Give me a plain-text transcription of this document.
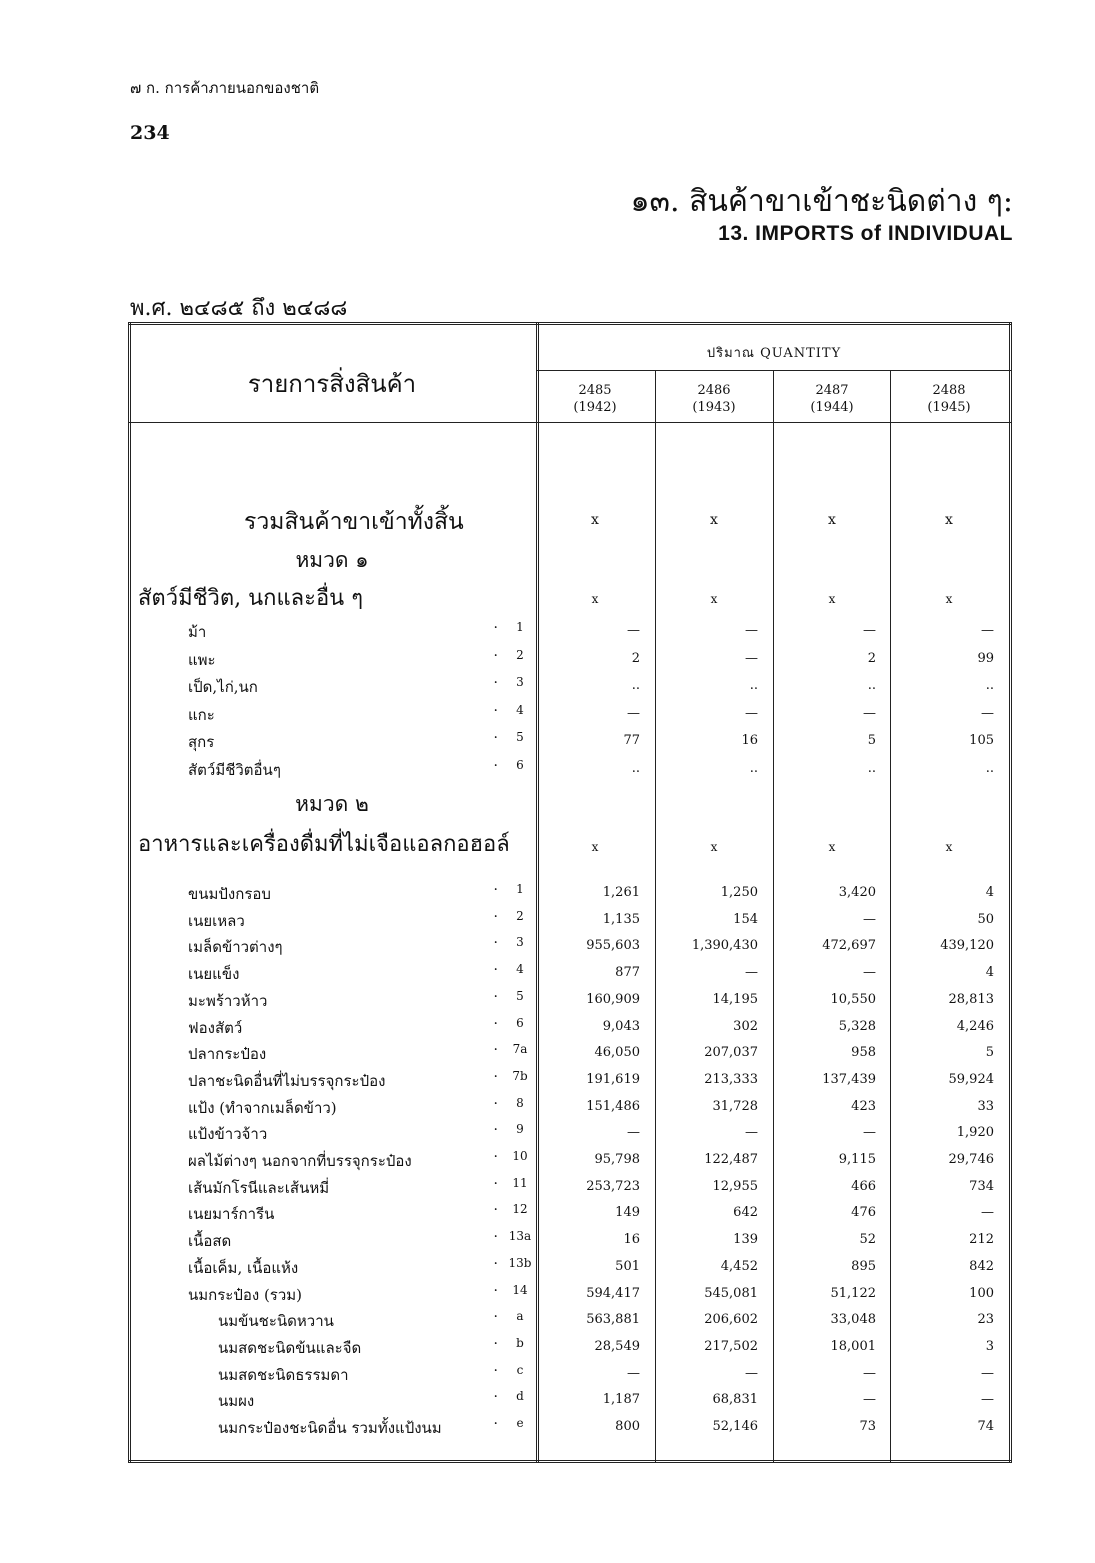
๗ ก. การค้าภายนอกของชาติ
234
๑๓. สินค้าขาเข้าชะนิดต่าง ๆ:
13. IMPORTS of INDIVIDUAL
พ.ศ. ๒๔๘๕ ถึง ๒๔๘๘
รายการสิ่งสินค้า
ปริมาณ QUANTITY
2485
(1942)
2486
(1943)
2487
(1944)
2488
(1945)
รวมสินค้าขาเข้าทั้งสิ้น	x	x	x	x
หมวด ๑
สัตว์มีชีวิต, นกและอื่น ๆ	x	x	x	x
ม้า	·	1	—	—	—	—
แพะ	·	2	2	—	2	99
เป็ด,ไก่,นก	·	3	..	..	..	..
แกะ	·	4	—	—	—	—
สุกร	·	5	77	16	5	105
สัตว์มีชีวิตอื่นๆ	·	6	..	..	..	..
หมวด ๒
อาหารและเครื่องดื่มที่ไม่เจือแอลกอฮอล์	x	x	x	x
ขนมปังกรอบ	·	1	1,261	1,250	3,420	4
เนยเหลว	·	2	1,135	154	—	50
เมล็ดข้าวต่างๆ	·	3	955,603	1,390,430	472,697	439,120
เนยแข็ง	·	4	877	—	—	4
มะพร้าวห้าว	·	5	160,909	14,195	10,550	28,813
ฟองสัตว์	·	6	9,043	302	5,328	4,246
ปลากระป๋อง	·	7a	46,050	207,037	958	5
ปลาชะนิดอื่นที่ไม่บรรจุกระป๋อง	·	7b	191,619	213,333	137,439	59,924
แป้ง (ทำจากเมล็ดข้าว)	·	8	151,486	31,728	423	33
แป้งข้าวจ้าว	·	9	—	—	—	1,920
ผลไม้ต่างๆ นอกจากที่บรรจุกระป๋อง	·	10	95,798	122,487	9,115	29,746
เส้นมักโรนีและเส้นหมี่	·	11	253,723	12,955	466	734
เนยมาร์การีน	·	12	149	642	476	—
เนื้อสด	· 13a	16	139	52	212
เนื้อเค็ม, เนื้อแห้ง	· 13b	501	4,452	895	842
นมกระป๋อง (รวม)	·	14	594,417	545,081	51,122	100
นมข้นชะนิดหวาน	·	a	563,881	206,602	33,048	23
นมสดชะนิดข้นและจืด	·	b	28,549	217,502	18,001	3
นมสดชะนิดธรรมดา	·	c	—	—	—	—
นมผง	·	d	1,187	68,831	—	—
นมกระป๋องชะนิดอื่น รวมทั้งแป้งนม	·	e	800	52,146	73	74
